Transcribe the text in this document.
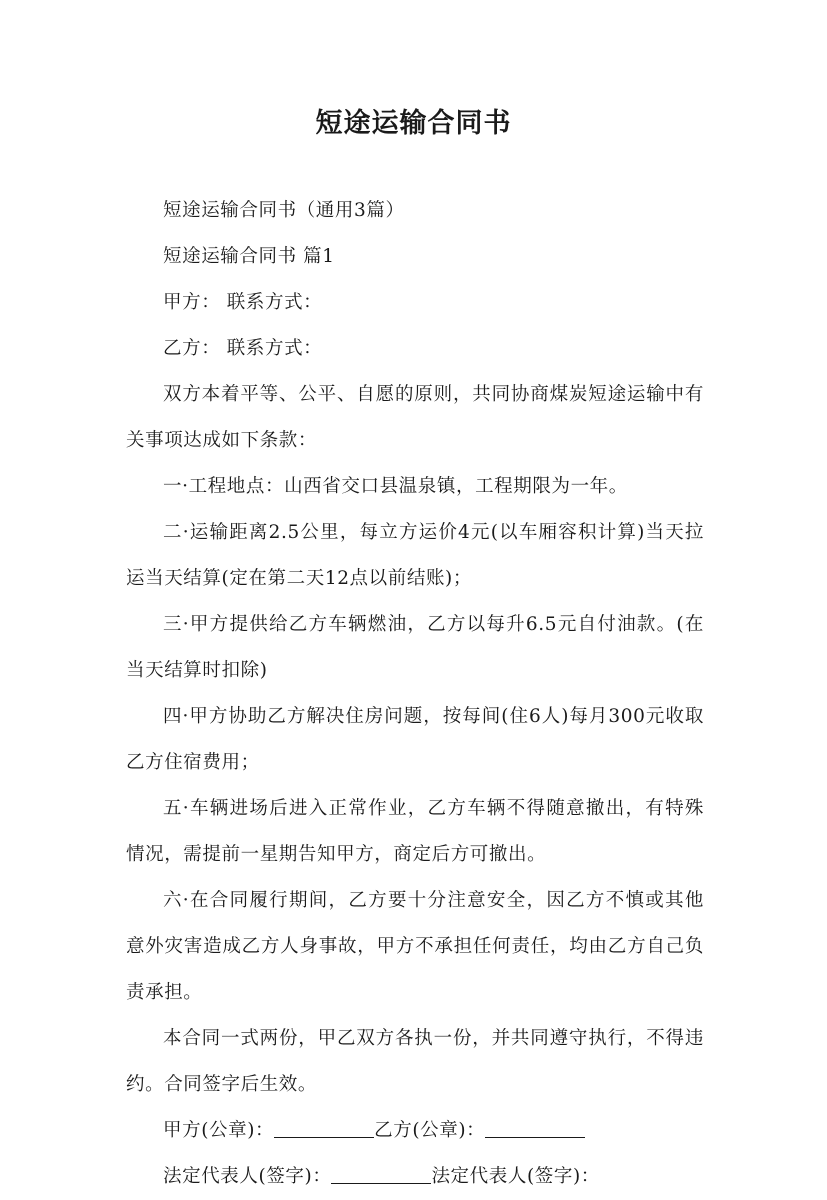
短途运输合同书

短途运输合同书（通用3篇）

短途运输合同书 篇1

甲方： 联系方式：

乙方： 联系方式：

双方本着平等、公平、自愿的原则，共同协商煤炭短途运输中有关事项达成如下条款：

一·工程地点：山西省交口县温泉镇，工程期限为一年。

二·运输距离2.5公里，每立方运价4元(以车厢容积计算)当天拉运当天结算(定在第二天12点以前结账)；

三·甲方提供给乙方车辆燃油，乙方以每升6.5元自付油款。(在当天结算时扣除)

四·甲方协助乙方解决住房问题，按每间(住6人)每月300元收取乙方住宿费用；

五·车辆进场后进入正常作业，乙方车辆不得随意撤出，有特殊情况，需提前一星期告知甲方，商定后方可撤出。

六·在合同履行期间，乙方要十分注意安全，因乙方不慎或其他意外灾害造成乙方人身事故，甲方不承担任何责任，均由乙方自己负责承担。

本合同一式两份，甲乙双方各执一份，并共同遵守执行，不得违约。合同签字后生效。

甲方(公章)：	乙方(公章)：
法定代表人(签字)：	法定代表人(签字)：
